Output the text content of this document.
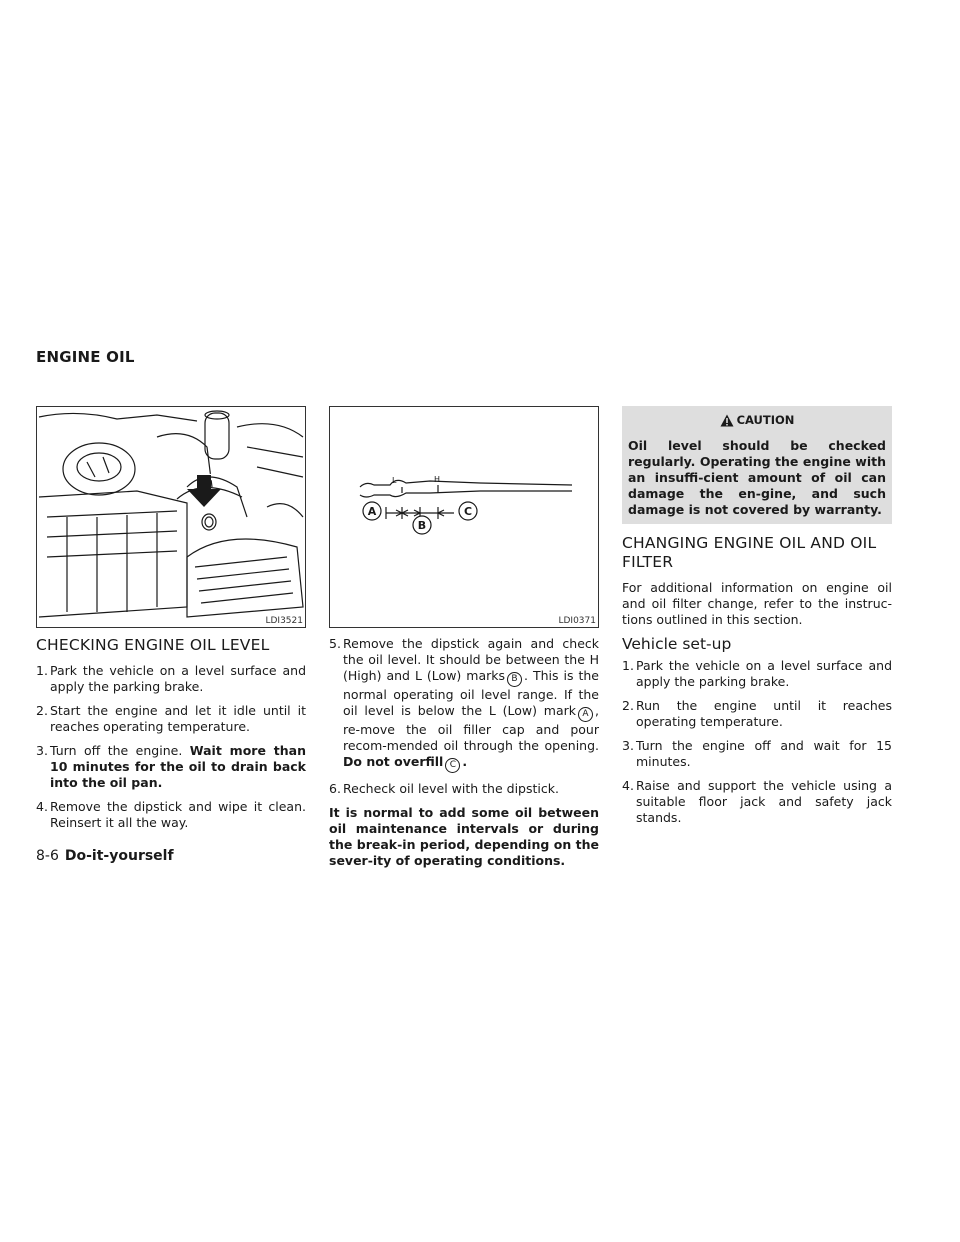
ENGINE OIL
LDI3521
L	H
A
B
C
LDI0371
CHECKING ENGINE OIL LEVEL
1. Park the vehicle on a level surface and apply the parking brake.
2. Start the engine and let it idle until it reaches operating temperature.
3. Turn off the engine. Wait more than 10 minutes for the oil to drain back into the oil pan.
4. Remove the dipstick and wipe it clean. Reinsert it all the way.
5. Remove the dipstick again and check the oil level. It should be between the H (High) and L (Low) marks B . This is the normal operating oil level range. If the oil level is below the L (Low) mark A , re-move the oil filler cap and pour recom-mended oil through the opening. Do not overfill C .
6. Recheck oil level with the dipstick.

It is normal to add some oil between oil maintenance intervals or during the break-in period, depending on the sever-ity of operating conditions.

CAUTION
Oil level should be checked regularly. Operating the engine with an insuffi-cient amount of oil can damage the en-gine, and such damage is not covered by warranty.
CHANGING ENGINE OIL AND OIL FILTER

For additional information on engine oil and oil filter change, refer to the instruc-tions outlined in this section.

Vehicle set-up
1. Park the vehicle on a level surface and apply the parking brake.
2. Run the engine until it reaches operating temperature.
3. Turn the engine off and wait for 15 minutes.
4. Raise and support the vehicle using a suitable floor jack and safety jack stands.
8-6 Do-it-yourself
